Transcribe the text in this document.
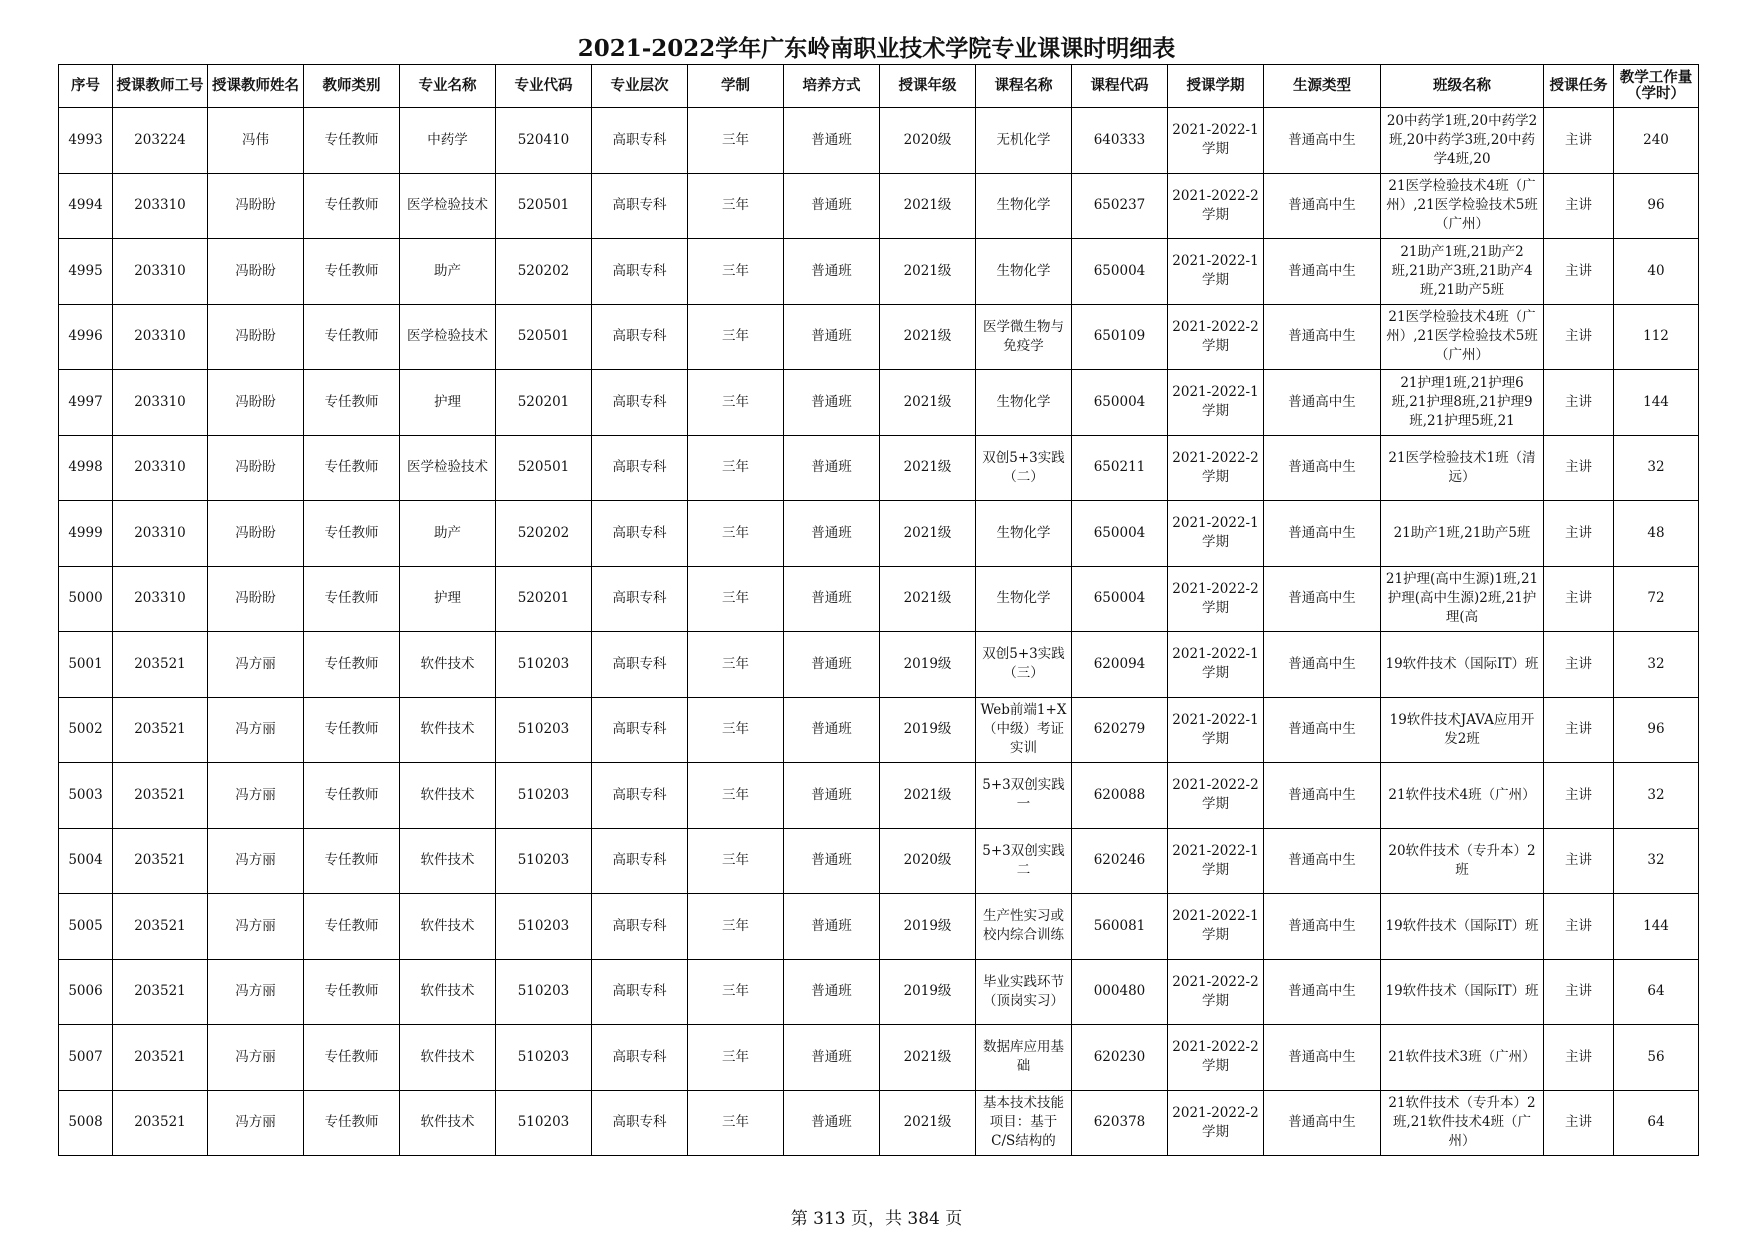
2021-2022学年广东岭南职业技术学院专业课课时明细表
序号	授课教师工号	授课教师姓名	教师类别	专业名称	专业代码	专业层次	学制	培养方式	授课年级	课程名称	课程代码	授课学期	生源类型	班级名称	授课任务	教学工作量（学时）

4993	203224	冯伟	专任教师	中药学	520410	高职专科	三年	普通班	2020级	无机化学	640333	2021-2022-1学期	普通高中生	20中药学1班,20中药学2班,20中药学3班,20中药学4班,20	主讲	240

4994	203310	冯盼盼	专任教师	医学检验技术	520501	高职专科	三年	普通班	2021级	生物化学	650237	2021-2022-2学期	普通高中生	21医学检验技术4班（广州）,21医学检验技术5班（广州）	主讲	96

4995	203310	冯盼盼	专任教师	助产	520202	高职专科	三年	普通班	2021级	生物化学	650004	2021-2022-1学期	普通高中生	21助产1班,21助产2班,21助产3班,21助产4班,21助产5班	主讲	40

4996	203310	冯盼盼	专任教师	医学检验技术	520501	高职专科	三年	普通班	2021级	医学微生物与免疫学	650109	2021-2022-2学期	普通高中生	21医学检验技术4班（广州）,21医学检验技术5班（广州）	主讲	112

4997	203310	冯盼盼	专任教师	护理	520201	高职专科	三年	普通班	2021级	生物化学	650004	2021-2022-1学期	普通高中生	21护理1班,21护理6班,21护理8班,21护理9班,21护理5班,21	主讲	144

4998	203310	冯盼盼	专任教师	医学检验技术	520501	高职专科	三年	普通班	2021级	双创5+3实践（二）	650211	2021-2022-2学期	普通高中生	21医学检验技术1班（清远）	主讲	32

4999	203310	冯盼盼	专任教师	助产	520202	高职专科	三年	普通班	2021级	生物化学	650004	2021-2022-1学期	普通高中生	21助产1班,21助产5班	主讲	48

5000	203310	冯盼盼	专任教师	护理	520201	高职专科	三年	普通班	2021级	生物化学	650004	2021-2022-2学期	普通高中生	21护理(高中生源)1班,21护理(高中生源)2班,21护理(高	主讲	72

5001	203521	冯方丽	专任教师	软件技术	510203	高职专科	三年	普通班	2019级	双创5+3实践（三）	620094	2021-2022-1学期	普通高中生	19软件技术（国际IT）班	主讲	32

5002	203521	冯方丽	专任教师	软件技术	510203	高职专科	三年	普通班	2019级	Web前端1+X（中级）考证实训	620279	2021-2022-1学期	普通高中生	19软件技术JAVA应用开发2班	主讲	96

5003	203521	冯方丽	专任教师	软件技术	510203	高职专科	三年	普通班	2021级	5+3双创实践一	620088	2021-2022-2学期	普通高中生	21软件技术4班（广州）	主讲	32

5004	203521	冯方丽	专任教师	软件技术	510203	高职专科	三年	普通班	2020级	5+3双创实践二	620246	2021-2022-1学期	普通高中生	20软件技术（专升本）2班	主讲	32

5005	203521	冯方丽	专任教师	软件技术	510203	高职专科	三年	普通班	2019级	生产性实习或校内综合训练	560081	2021-2022-1学期	普通高中生	19软件技术（国际IT）班	主讲	144

5006	203521	冯方丽	专任教师	软件技术	510203	高职专科	三年	普通班	2019级	毕业实践环节（顶岗实习）	000480	2021-2022-2学期	普通高中生	19软件技术（国际IT）班	主讲	64

5007	203521	冯方丽	专任教师	软件技术	510203	高职专科	三年	普通班	2021级	数据库应用基础	620230	2021-2022-2学期	普通高中生	21软件技术3班（广州）	主讲	56

5008	203521	冯方丽	专任教师	软件技术	510203	高职专科	三年	普通班	2021级	基本技术技能项目：基于C/S结构的	620378	2021-2022-2学期	普通高中生	21软件技术（专升本）2班,21软件技术4班（广州）	主讲	64
第 313 页，共 384 页
